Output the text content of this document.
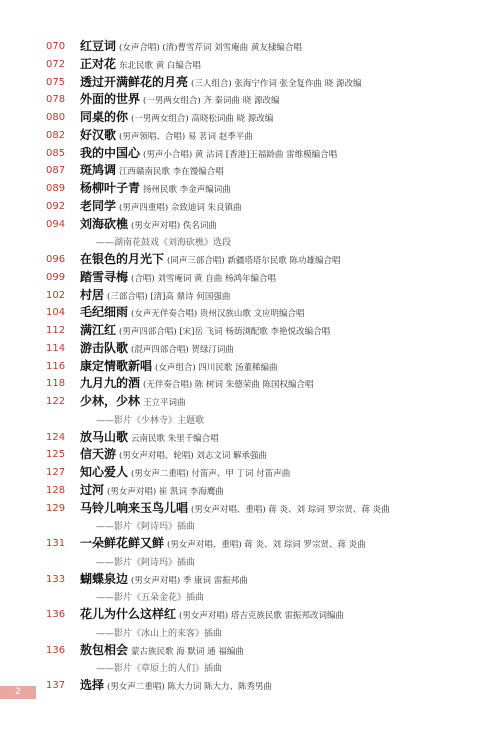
070	红豆词 (女声合唱) (清)曹雪芹词 刘雪庵曲 黄友棣编合唱
072	正对花 东北民歌 黄 白编合唱
075	透过开满鲜花的月亮 (三人组合) 张海宁作词 张全复作曲 晓 源改编
078	外面的世界 (一男两女组合) 齐 秦词曲 晓 源改编
080	同桌的你 (一男两女组合) 高晓松词曲 晓 源改编
082	好汉歌 (男声领唱、合唱) 易 茗词 赵季平曲
085	我的中国心 (男声小合唱) 黄 沾词 [香港]王福龄曲 雷维模编合唱
087	斑鸠调 江西赣南民歌 李在馒编合唱
089	杨柳叶子青 扬州民歌 李金声编词曲
092	老同学 (男声四重唱) 佘致迪词 朱良镇曲
094	刘海砍樵 (男女声对唱) 佚名词曲
——湖南花鼓戏《刘海砍樵》选段
096	在银色的月光下 (同声三部合唱) 新疆塔塔尔民歌 陈功雄编合唱
099	踏雪寻梅 (合唱) 刘雪庵词 黄 自曲 杨鸿年编合唱
102	村居 (三部合唱) [清]高 鼎诗 何国强曲
104	毛纪细雨 (女声无伴奏合唱) 贵州汉族山歌 文应明编合唱
112	满江红 (男声四部合唱) [宋]岳 飞词 杨荫浏配歌 李艳悦改编合唱
114	游击队歌 (混声四部合唱) 贺绿汀词曲
116	康定情歌新唱 (女声组合) 四川民歌 汤董稀编曲
118	九月九的酒 (无伴奏合唱) 陈 树词 朱德荣曲 陈国权编合唱
122	少林，少林 王立平词曲
——影片《少林寺》主题歌
124	放马山歌 云南民歌 朱里千编合唱
125	信天游 (男女声对唱、轮唱) 刘志文词 解承强曲
127	知心爱人 (男女声二重唱) 付笛声、甲 丁词 付笛声曲
128	过河 (男女声对唱) 崔 凯词 李海鹰曲
129	马铃儿响来玉鸟儿唱 (男女声对唱、重唱) 蒋 炎、刘 琮词 罗宗贤、蒋 炎曲
——影片《阿诗玛》插曲
131	一朵鲜花鲜又鲜 (男女声对唱、重唱) 蒋 炎、刘 琮词 罗宗贤、蒋 炎曲
——影片《阿诗玛》插曲
133	蝴蝶泉边 (男女声对唱) 季 康词 雷振邦曲
——影片《五朵金花》插曲
136	花儿为什么这样红 (男女声对唱) 塔吉克族民歌 雷振邦改词编曲
——影片《冰山上的来客》插曲
136	敖包相会 蒙古族民歌 海 默词 通 福编曲
——影片《草原上的人们》插曲
137	选择 (男女声二重唱) 陈大力词 陈大力、陈秀男曲
2
